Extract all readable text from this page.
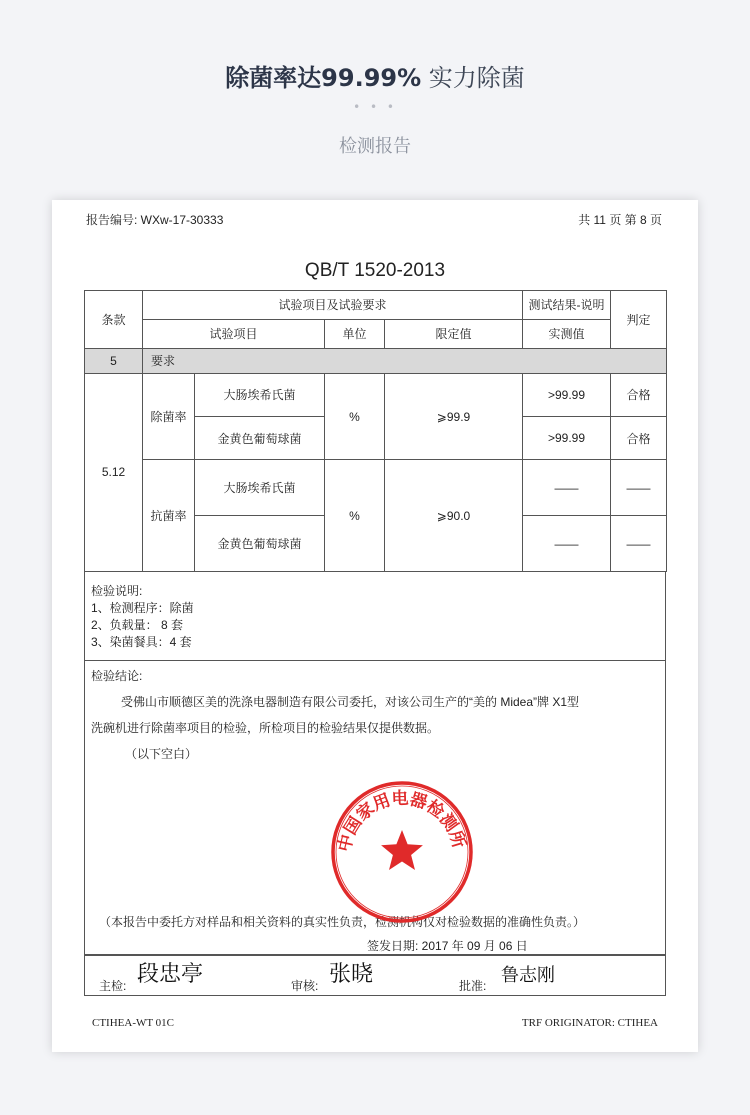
除菌率达99.99% 实力除菌
• • •
检测报告
报告编号: WXw-17-30333	共 11 页 第 8 页
QB/T 1520-2013
条款	试验项目及试验要求				测试结果-说明	判定
	试验项目		单位	限定值	实测值	
5	要求					
5.12	除菌率	大肠埃希氏菌	%	⩾99.9	>99.99	合格
		金黄色葡萄球菌			>99.99	合格
	抗菌率	大肠埃希氏菌	%	⩾90.0	——	——
		金黄色葡萄球菌			——	——
检验说明:
1、检测程序：除菌
2、负载量： 8 套
3、染菌餐具：4 套
检验结论:
受佛山市顺德区美的洗涤电器制造有限公司委托，对该公司生产的“美的 Midea”牌 X1型
洗碗机进行除菌率项目的检验，所检项目的检验结果仅提供数据。
（以下空白）
（本报告中委托方对样品和相关资料的真实性负责，检测机构仅对检验数据的准确性负责。）
签发日期: 2017 年 09 月 06 日
中国家用电器检测所
主检: 段忠亭	审核: 张晓	批准: 鲁志刚
CTIHEA-WT 01C	TRF ORIGINATOR: CTIHEA
